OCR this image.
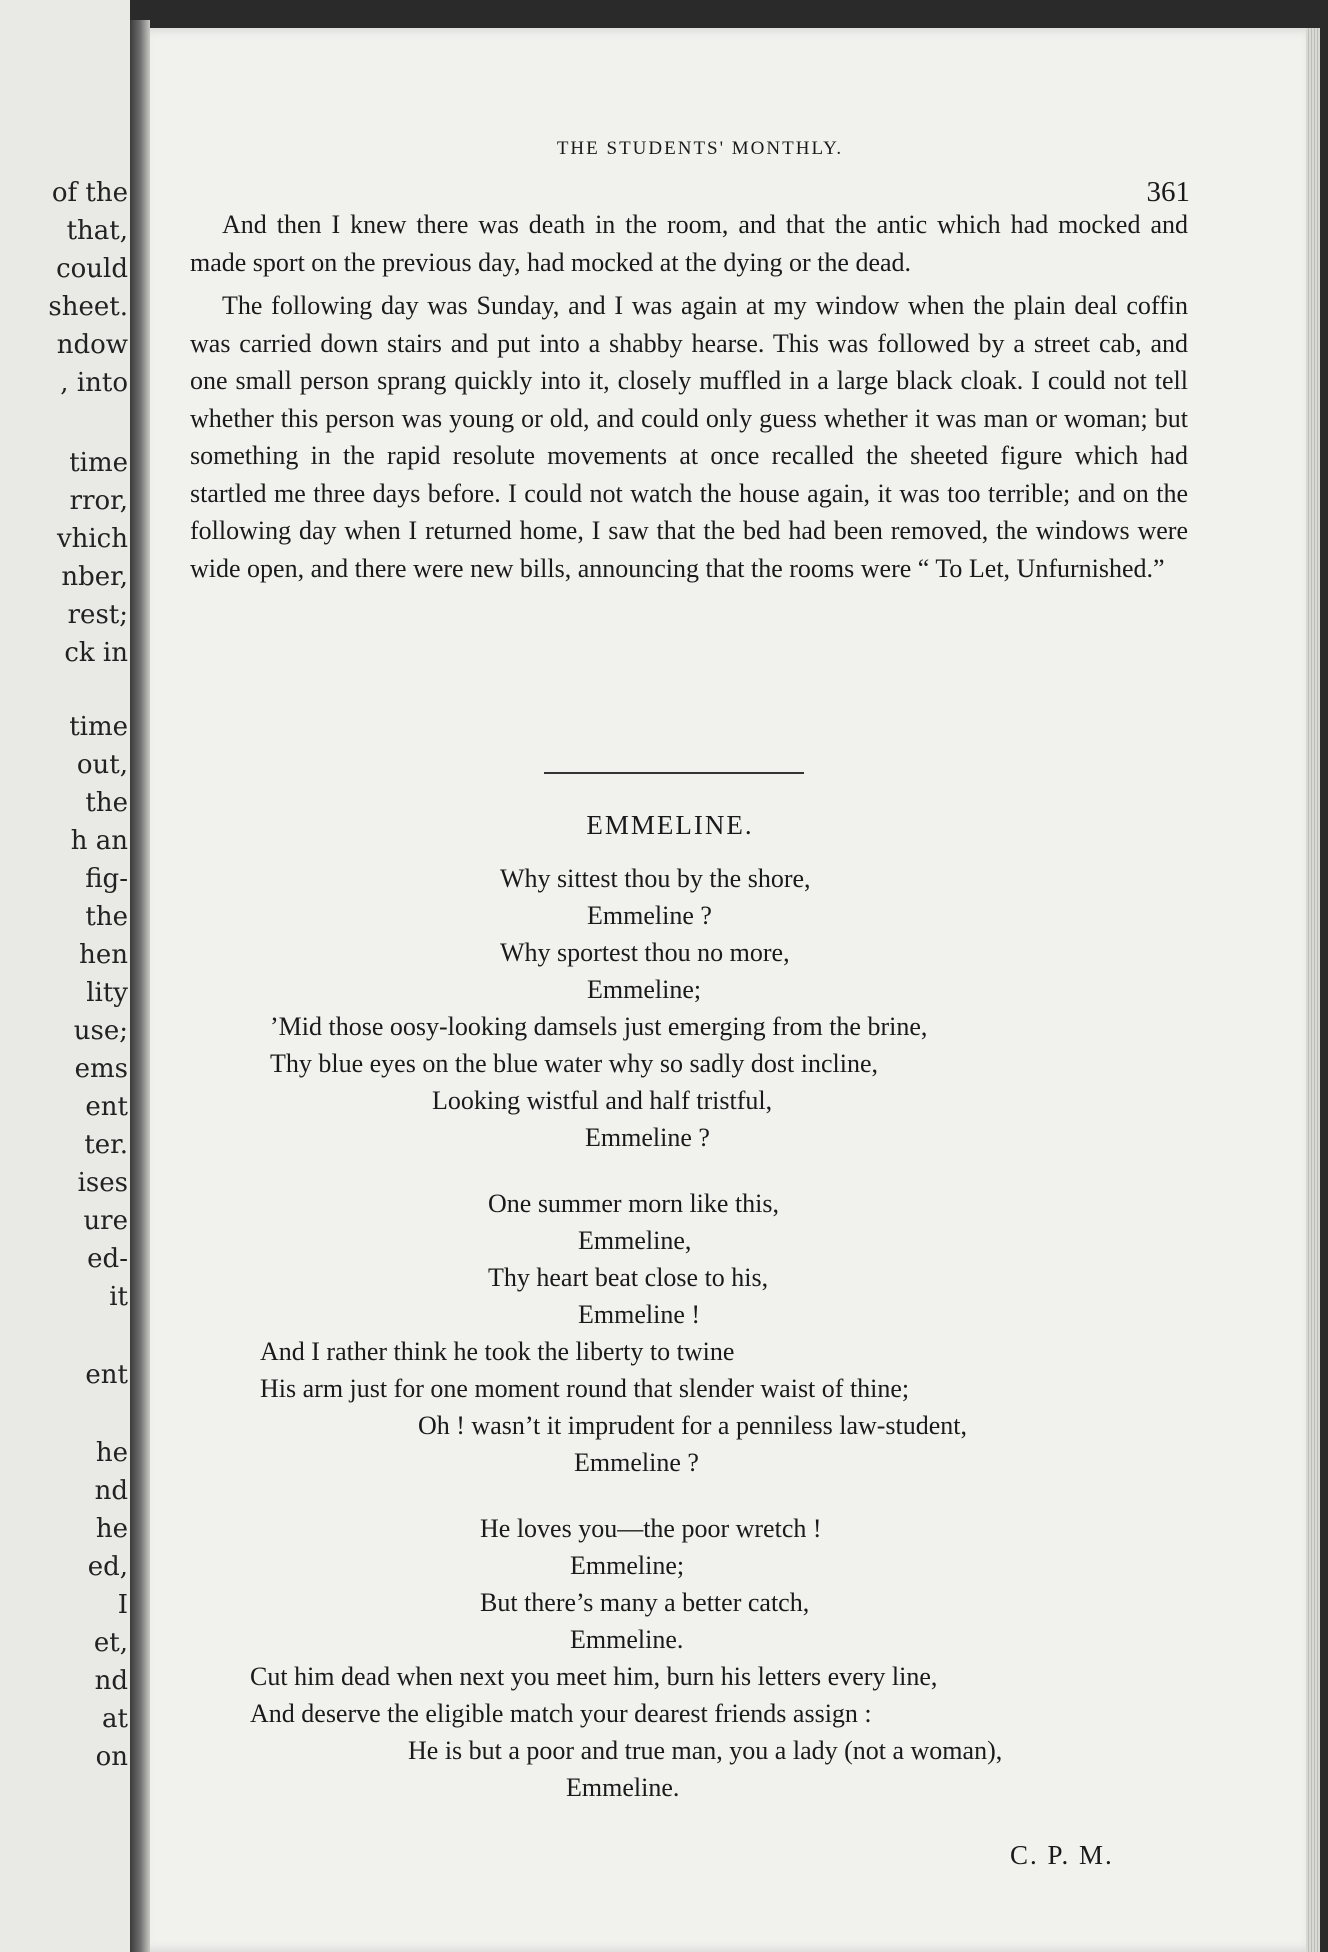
of the
that,
could
sheet.
ndow
, into
time
rror,
vhich
nber,
rest;
ck in
time
out,
the
h an
fig-
the
hen
lity
use;
ems
ent
ter.
ises
ure
ed-
it
ent
he
nd
he
ed,
I
et,
nd
at
on
THE STUDENTS' MONTHLY.
361

And then I knew there was death in the room, and that the antic which had mocked and made sport on the previous day, had mocked at the dying or the dead.

The following day was Sunday, and I was again at my window when the plain deal coffin was carried down stairs and put into a shabby hearse. This was followed by a street cab, and one small person sprang quickly into it, closely muffled in a large black cloak. I could not tell whether this person was young or old, and could only guess whether it was man or woman; but something in the rapid resolute movements at once recalled the sheeted figure which had startled me three days before. I could not watch the house again, it was too terrible; and on the following day when I returned home, I saw that the bed had been removed, the windows were wide open, and there were new bills, announcing that the rooms were “ To Let, Unfurnished.”

EMMELINE.
Why sittest thou by the shore,
Emmeline ?
Why sportest thou no more,
Emmeline;
’Mid those oosy-looking damsels just emerging from the brine,
Thy blue eyes on the blue water why so sadly dost incline,
Looking wistful and half tristful,
Emmeline ?
One summer morn like this,
Emmeline,
Thy heart beat close to his,
Emmeline !
And I rather think he took the liberty to twine
His arm just for one moment round that slender waist of thine;
Oh ! wasn’t it imprudent for a penniless law-student,
Emmeline ?
He loves you—the poor wretch !
Emmeline;
But there’s many a better catch,
Emmeline.
Cut him dead when next you meet him, burn his letters every line,
And deserve the eligible match your dearest friends assign :
He is but a poor and true man, you a lady (not a woman),
Emmeline.
C. P. M.
